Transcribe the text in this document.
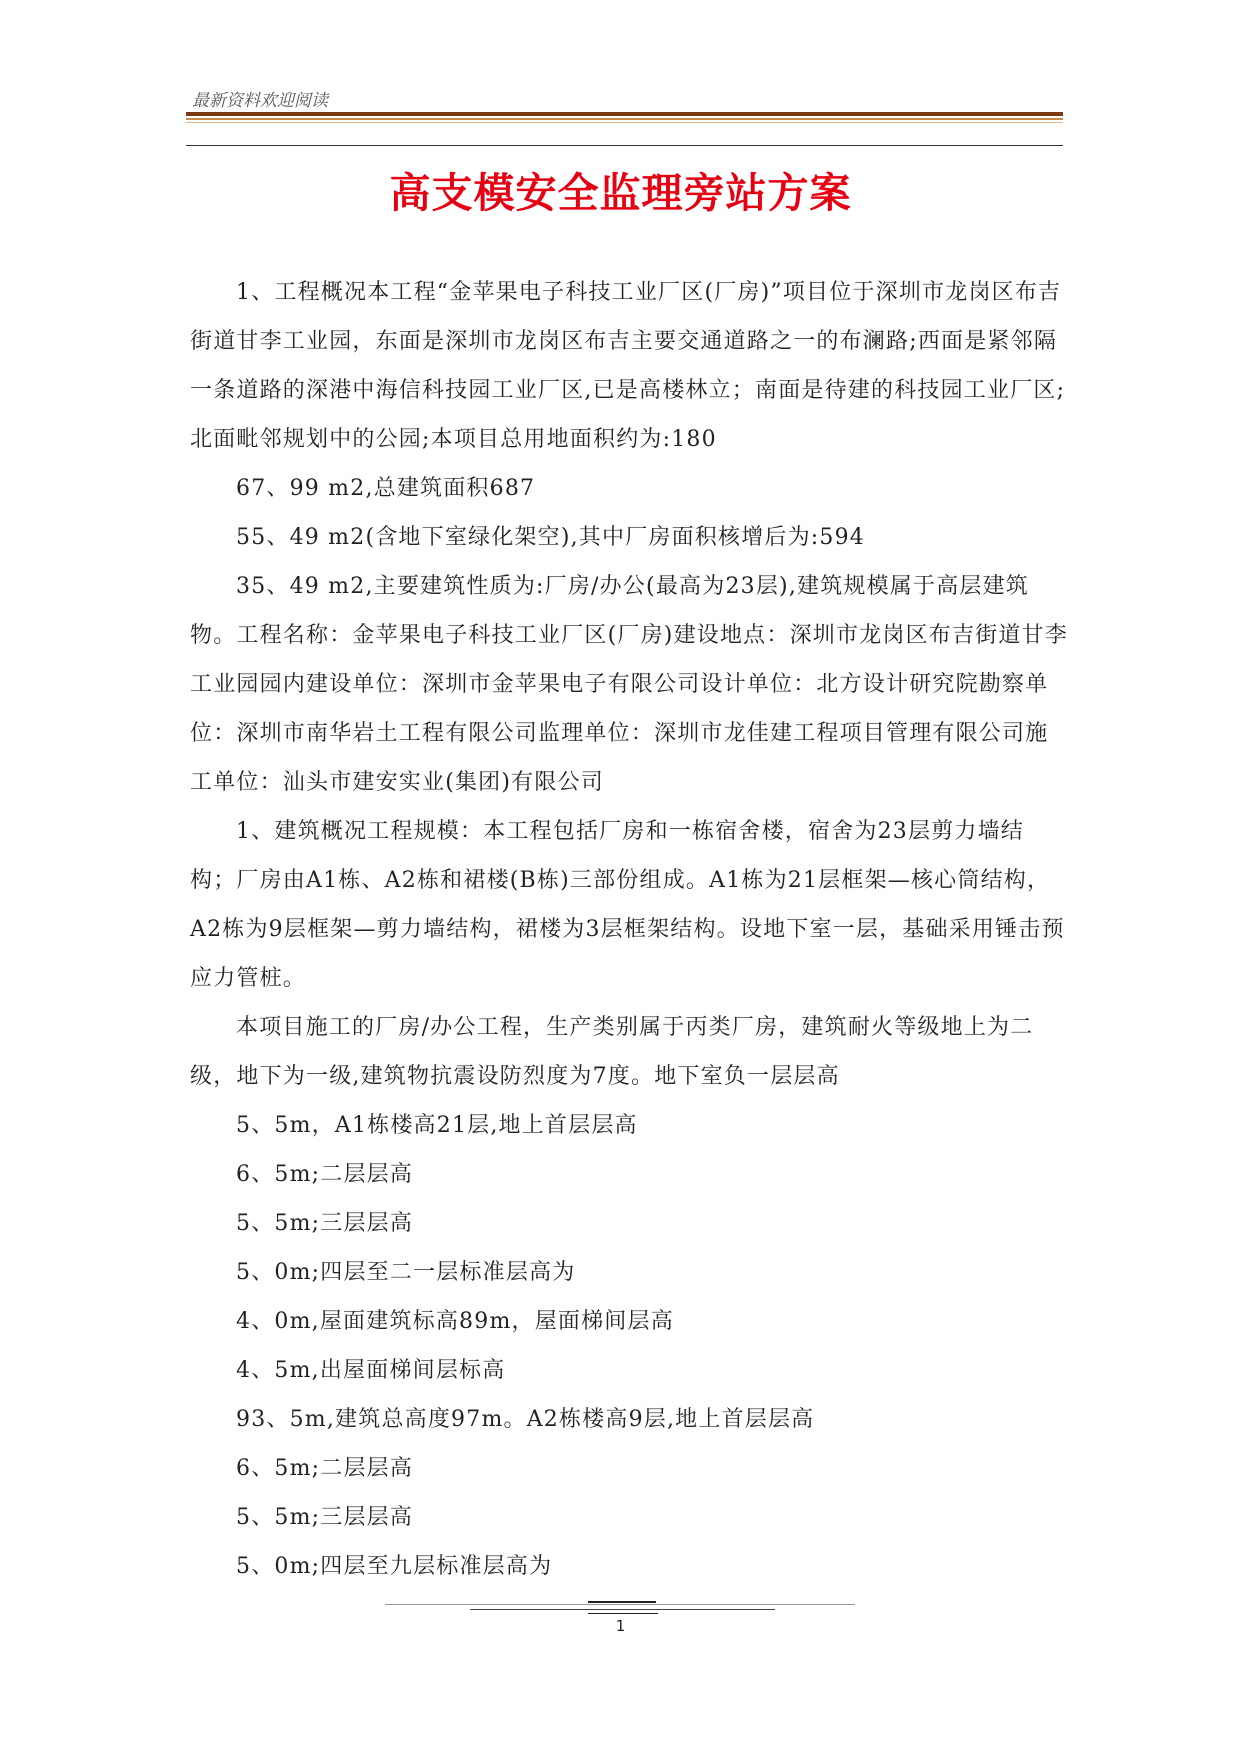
最新资料欢迎阅读
高支模安全监理旁站方案

1、工程概况本工程“金苹果电子科技工业厂区(厂房)”项目位于深圳市龙岗区布吉街道甘李工业园，东面是深圳市龙岗区布吉主要交通道路之一的布澜路;西面是紧邻隔一条道路的深港中海信科技园工业厂区,已是高楼林立；南面是待建的科技园工业厂区;北面毗邻规划中的公园;本项目总用地面积约为:180

67、99 m2,总建筑面积687

55、49 m2(含地下室绿化架空),其中厂房面积核增后为:594

35、49 m2,主要建筑性质为:厂房/办公(最高为23层),建筑规模属于高层建筑物。工程名称：金苹果电子科技工业厂区(厂房)建设地点：深圳市龙岗区布吉街道甘李工业园园内建设单位：深圳市金苹果电子有限公司设计单位：北方设计研究院勘察单位：深圳市南华岩土工程有限公司监理单位：深圳市龙佳建工程项目管理有限公司施工单位：汕头市建安实业(集团)有限公司

1、建筑概况工程规模：本工程包括厂房和一栋宿舍楼，宿舍为23层剪力墙结构；厂房由A1栋、A2栋和裙楼(B栋)三部份组成。A1栋为21层框架—核心筒结构，A2栋为9层框架—剪力墙结构，裙楼为3层框架结构。设地下室一层，基础采用锤击预应力管桩。

本项目施工的厂房/办公工程，生产类别属于丙类厂房，建筑耐火等级地上为二级，地下为一级,建筑物抗震设防烈度为7度。地下室负一层层高

5、5m，A1栋楼高21层,地上首层层高

6、5m;二层层高

5、5m;三层层高

5、0m;四层至二一层标准层高为

4、0m,屋面建筑标高89m，屋面梯间层高

4、5m,出屋面梯间层标高

93、5m,建筑总高度97m。A2栋楼高9层,地上首层层高

6、5m;二层层高

5、5m;三层层高

5、0m;四层至九层标准层高为

1
